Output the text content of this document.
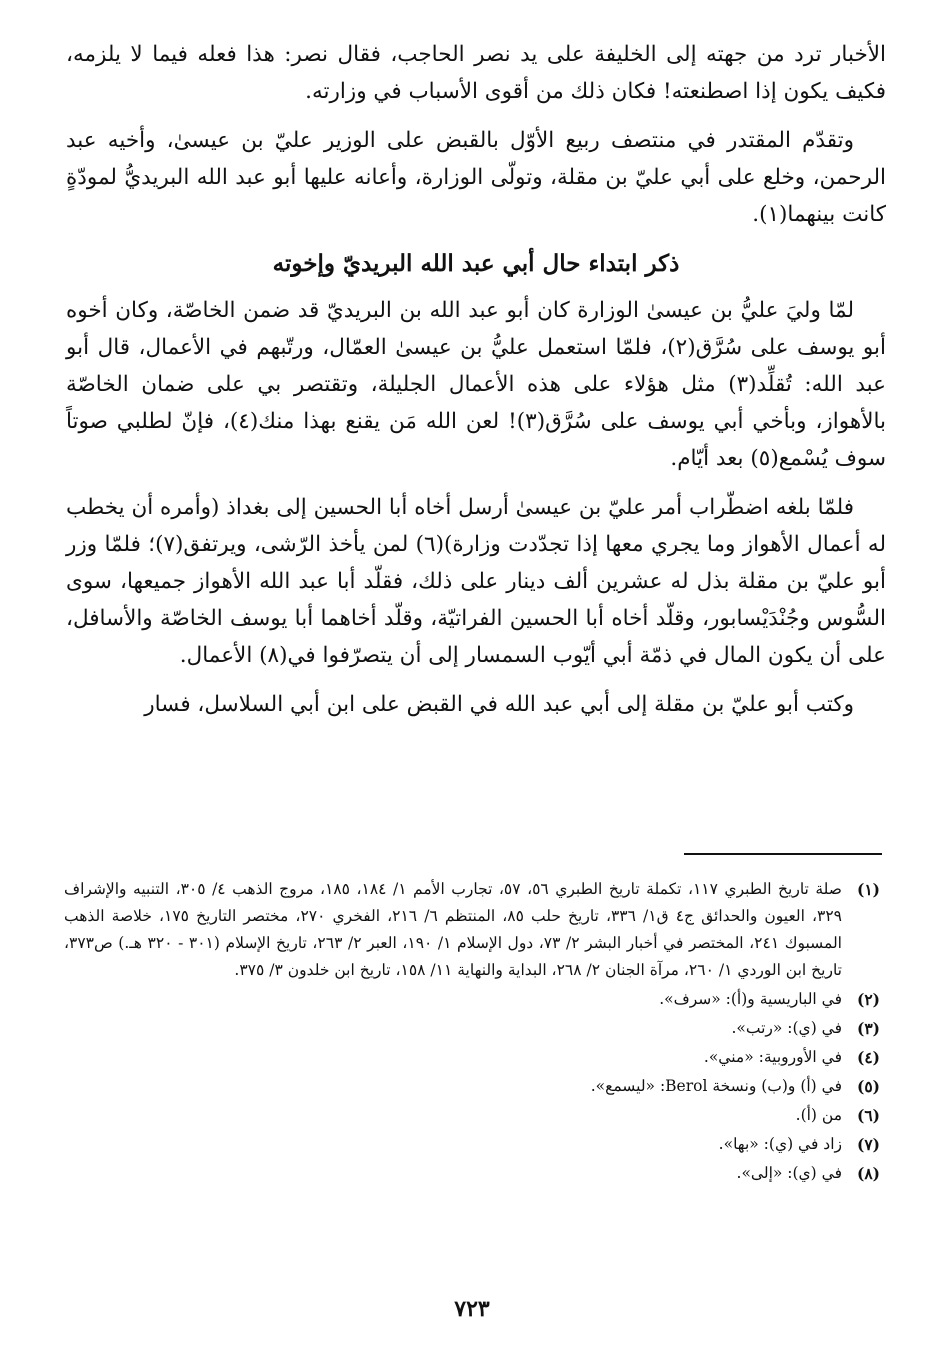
الأخبار ترد من جهته إلى الخليفة على يد نصر الحاجب، فقال نصر: هذا فعله فيما لا يلزمه، فكيف يكون إذا اصطنعته! فكان ذلك من أقوى الأسباب في وزارته.

وتقدّم المقتدر في منتصف ربيع الأوّل بالقبض على الوزير عليّ بن عيسىٰ، وأخيه عبد الرحمن، وخلع على أبي عليّ بن مقلة، وتولّى الوزارة، وأعانه عليها أبو عبد الله البريديُّ لمودّةٍ كانت بينهما(١).

ذكر ابتداء حال أبي عبد الله البريديّ وإخوته

لمّا وليَ عليُّ بن عيسىٰ الوزارة كان أبو عبد الله بن البريديّ قد ضمن الخاصّة، وكان أخوه أبو يوسف على سُرَّق(٢)، فلمّا استعمل عليُّ بن عيسىٰ العمّال، ورتّبهم في الأعمال، قال أبو عبد الله: تُقلِّد(٣) مثل هؤلاء على هذه الأعمال الجليلة، وتقتصر بي على ضمان الخاصّة بالأهواز، وبأخي أبي يوسف على سُرَّق(٣)! لعن الله مَن يقنع بهذا منك(٤)، فإنّ لطلبي صوتاً سوف يُسْمع(٥) بعد أيّام.

فلمّا بلغه اضطّراب أمر عليّ بن عيسىٰ أرسل أخاه أبا الحسين إلى بغداذ (وأمره أن يخطب له أعمال الأهواز وما يجري معها إذا تجدّدت وزارة)(٦) لمن يأخذ الرّشى، ويرتفق(٧)؛ فلمّا وزر أبو عليّ بن مقلة بذل له عشرين ألف دينار على ذلك، فقلّد أبا عبد الله الأهواز جميعها، سوى السُّوس وجُنْدَيْسابور، وقلّد أخاه أبا الحسين الفراتيّة، وقلّد أخاهما أبا يوسف الخاصّة والأسافل، على أن يكون المال في ذمّة أبي أيّوب السمسار إلى أن يتصرّفوا في(٨) الأعمال.

وكتب أبو عليّ بن مقلة إلى أبي عبد الله في القبض على ابن أبي السلاسل، فسار

(١)
صلة تاريخ الطبري ١١٧، تكملة تاريخ الطبري ٥٦، ٥٧، تجارب الأمم ١/ ١٨٤، ١٨٥، مروج الذهب ٤/ ٣٠٥، التنبيه والإشراف ٣٢٩، العيون والحدائق ج٤ ق١/ ٣٣٦، تاريخ حلب ٨٥، المنتظم ٦/ ٢١٦، الفخري ٢٧٠، مختصر التاريخ ١٧٥، خلاصة الذهب المسبوك ٢٤١، المختصر في أخبار البشر ٢/ ٧٣، دول الإسلام ١/ ١٩٠، العبر ٢/ ٢٦٣، تاريخ الإسلام (٣٠١ - ٣٢٠ هـ.) ص٣٧٣، تاريخ ابن الوردي ١/ ٢٦٠، مرآة الجنان ٢/ ٢٦٨، البداية والنهاية ١١/ ١٥٨، تاريخ ابن خلدون ٣/ ٣٧٥.
(٢)
في الباريسية و(أ): «سرف».
(٣)
في (ي): «رتب».
(٤)
في الأوروبية: «مني».
(٥)
في (أ) و(ب) ونسخة Berol: «ليسمع».
(٦)
من (أ).
(٧)
زاد في (ي): «بها».
(٨)
في (ي): «إلى».
٧٢٣
